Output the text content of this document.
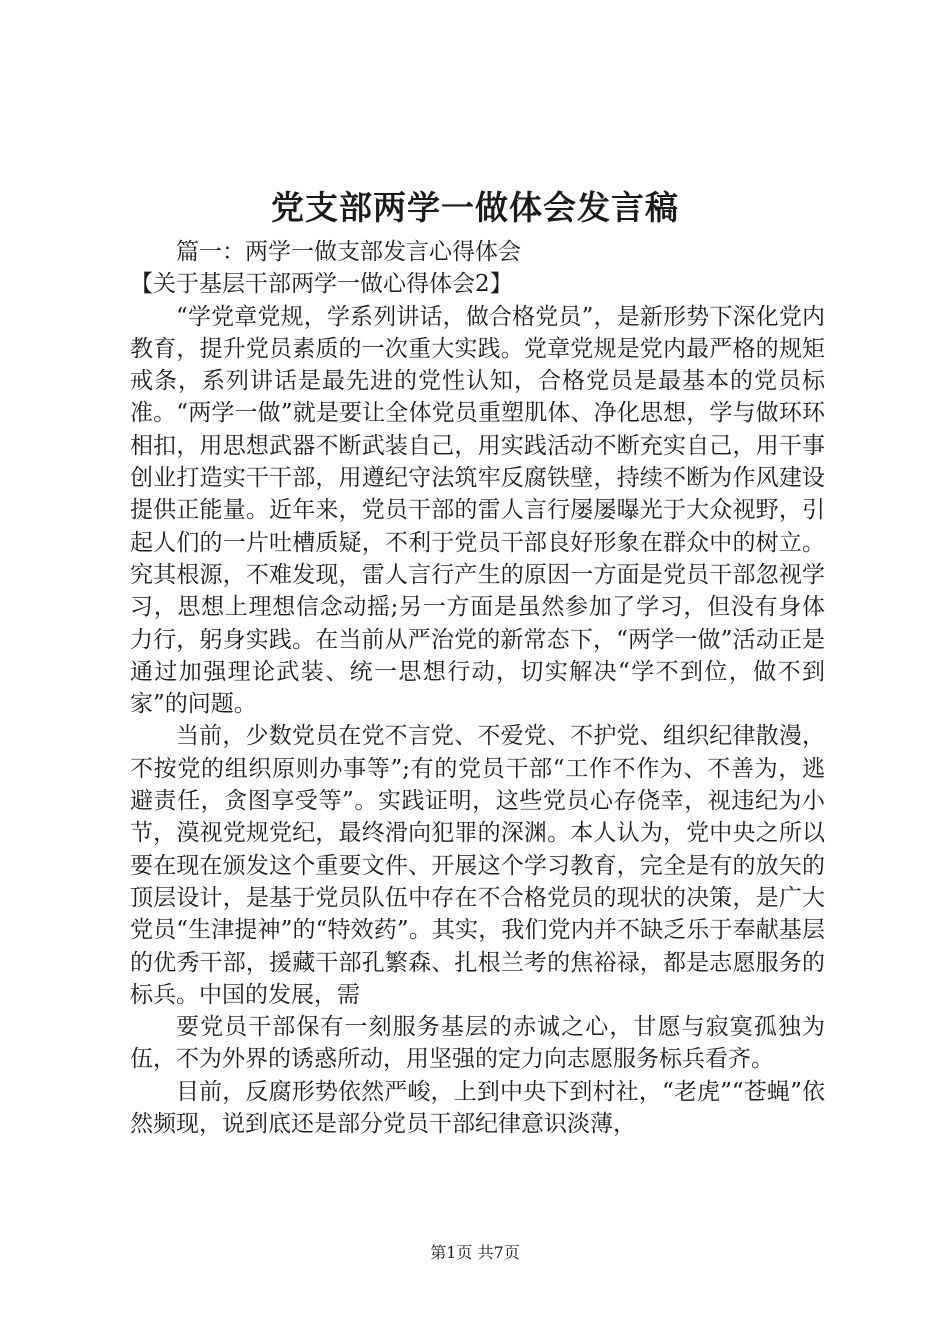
党支部两学一做体会发言稿

篇一：两学一做支部发言心得体会

【关于基层干部两学一做心得体会2】

“学党章党规，学系列讲话，做合格党员”，是新形势下深化党内教育，提升党员素质的一次重大实践。党章党规是党内最严格的规矩戒条，系列讲话是最先进的党性认知，合格党员是最基本的党员标准。“两学一做”就是要让全体党员重塑肌体、净化思想，学与做环环相扣，用思想武器不断武装自己，用实践活动不断充实自己，用干事创业打造实干干部，用遵纪守法筑牢反腐铁壁，持续不断为作风建设提供正能量。近年来，党员干部的雷人言行屡屡曝光于大众视野，引起人们的一片吐槽质疑，不利于党员干部良好形象在群众中的树立。究其根源，不难发现，雷人言行产生的原因一方面是党员干部忽视学习，思想上理想信念动摇;另一方面是虽然参加了学习，但没有身体力行，躬身实践。在当前从严治党的新常态下，“两学一做”活动正是通过加强理论武装、统一思想行动，切实解决“学不到位，做不到家”的问题。

当前，少数党员在党不言党、不爱党、不护党、组织纪律散漫，不按党的组织原则办事等”;有的党员干部“工作不作为、不善为，逃避责任，贪图享受等”。实践证明，这些党员心存侥幸，视违纪为小节，漠视党规党纪，最终滑向犯罪的深渊。本人认为，党中央之所以要在现在颁发这个重要文件、开展这个学习教育，完全是有的放矢的顶层设计，是基于党员队伍中存在不合格党员的现状的决策，是广大党员“生津提神”的“特效药”。其实，我们党内并不缺乏乐于奉献基层的优秀干部，援藏干部孔繁森、扎根兰考的焦裕禄，都是志愿服务的标兵。中国的发展，需

要党员干部保有一刻服务基层的赤诚之心，甘愿与寂寞孤独为伍，不为外界的诱惑所动，用坚强的定力向志愿服务标兵看齐。

目前，反腐形势依然严峻，上到中央下到村社，“老虎”“苍蝇”依然频现，说到底还是部分党员干部纪律意识淡薄，

第1页 共7页
